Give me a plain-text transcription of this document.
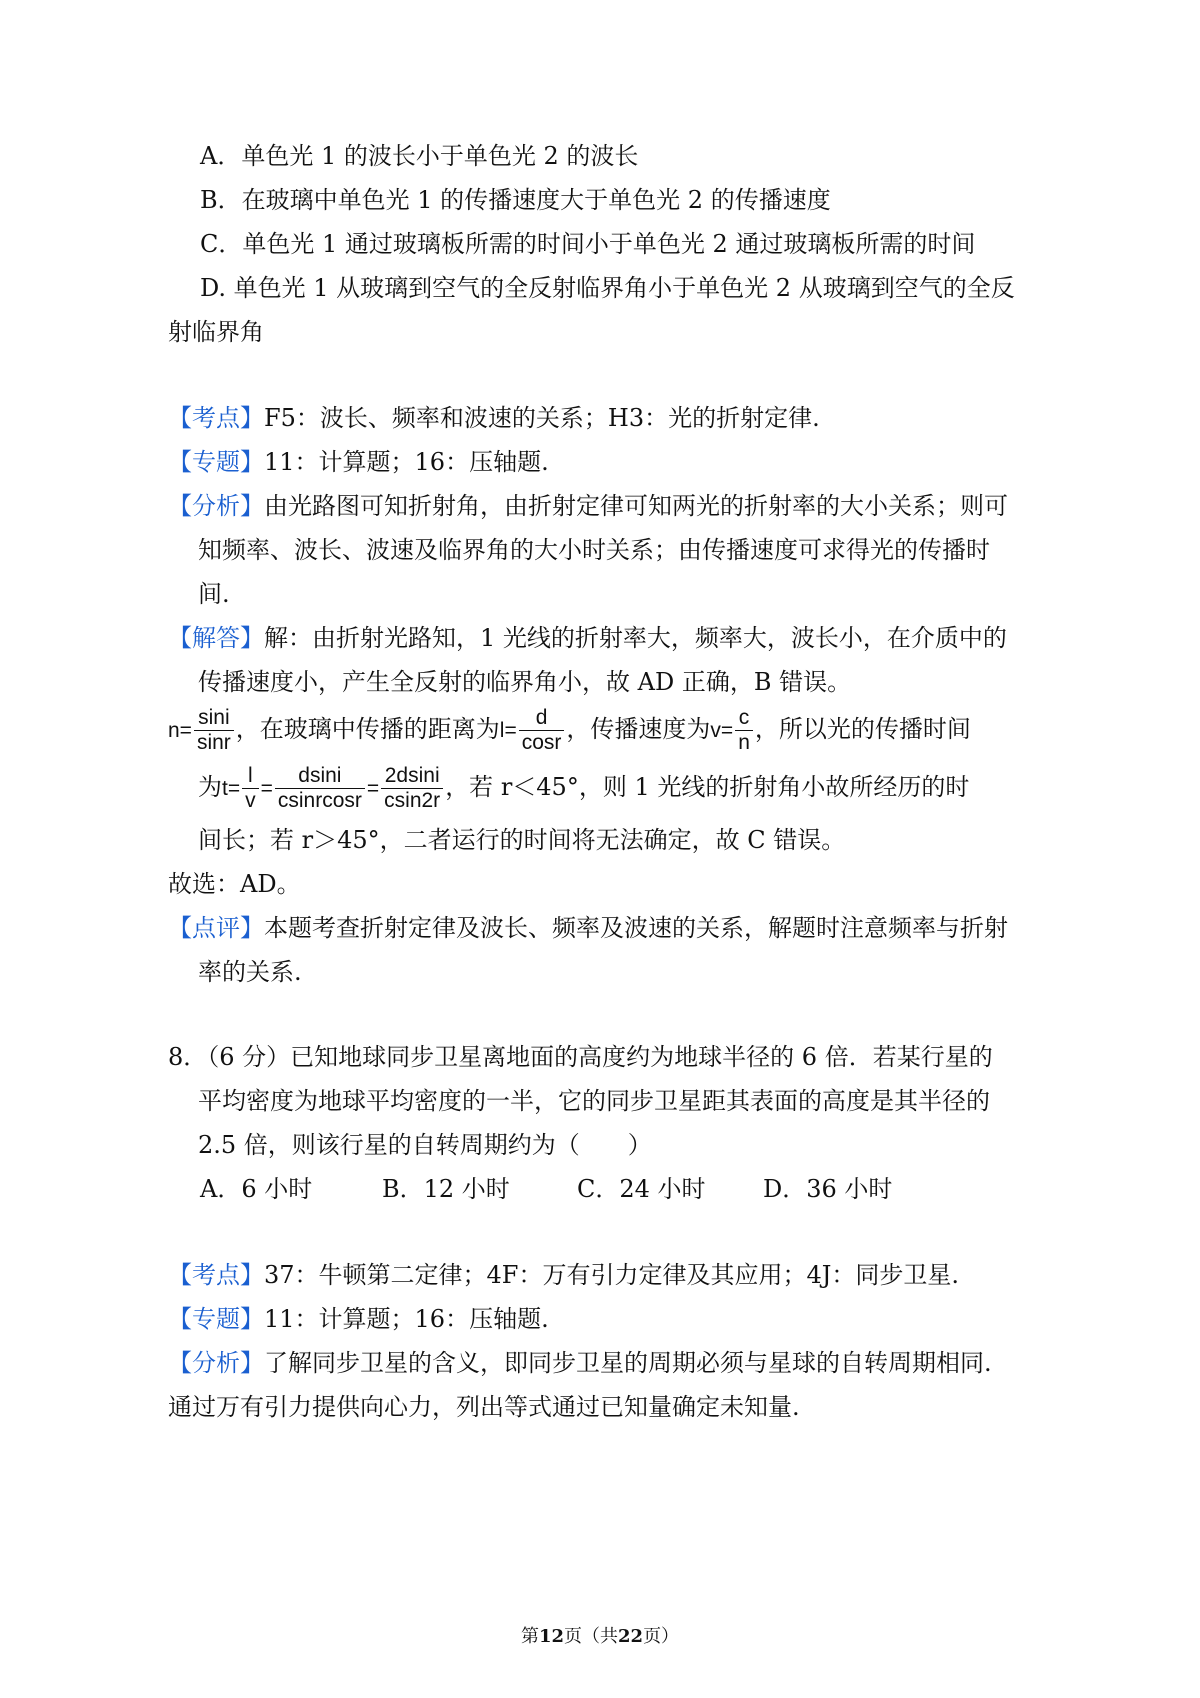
A．单色光 1 的波长小于单色光 2 的波长
B．在玻璃中单色光 1 的传播速度大于单色光 2 的传播速度
C．单色光 1 通过玻璃板所需的时间小于单色光 2 通过玻璃板所需的时间
D. 单色光 1 从玻璃到空气的全反射临界角小于单色光 2 从玻璃到空气的全反
射临界角
【考点】F5：波长、频率和波速的关系；H3：光的折射定律.
【专题】11：计算题；16：压轴题.
【分析】由光路图可知折射角，由折射定律可知两光的折射率的大小关系；则可
知频率、波长、波速及临界角的大小时关系；由传播速度可求得光的传播时
间.
【解答】解：由折射光路知，1 光线的折射率大，频率大，波长小，在介质中的
传播速度小，产生全反射的临界角小，故 AD 正确，B 错误。
$n= \frac{\sin i}{\sin r}$ ，在玻璃中传播的距离为$l= \frac{d}{\cos r}$ ，传播速度为$v= \frac{c}{n}$ ，所以光的传播时间
为$t= \frac{l}{v} = \frac{dsini}{\text{csinrcosr}} = \frac{2dsini}{csin2r}$ ，若 r＜45°，则 1 光线的折射角小故所经历的时
间长；若 r＞45°，二者运行的时间将无法确定，故 C 错误。
故选：AD。
【点评】本题考查折射定律及波长、频率及波速的关系，解题时注意频率与折射
率的关系.
8．（6 分）已知地球同步卫星离地面的高度约为地球半径的 6 倍．若某行星的
平均密度为地球平均密度的一半，它的同步卫星距其表面的高度是其半径的
2.5 倍，则该行星的自转周期约为（　　）
A．6 小时	B．12 小时	C．24 小时 D．36 小时
【考点】37：牛顿第二定律；4F：万有引力定律及其应用；4J：同步卫星.
【专题】11：计算题；16：压轴题.
【分析】了解同步卫星的含义，即同步卫星的周期必须与星球的自转周期相同.
通过万有引力提供向心力，列出等式通过已知量确定未知量.
第12页（共22页）
